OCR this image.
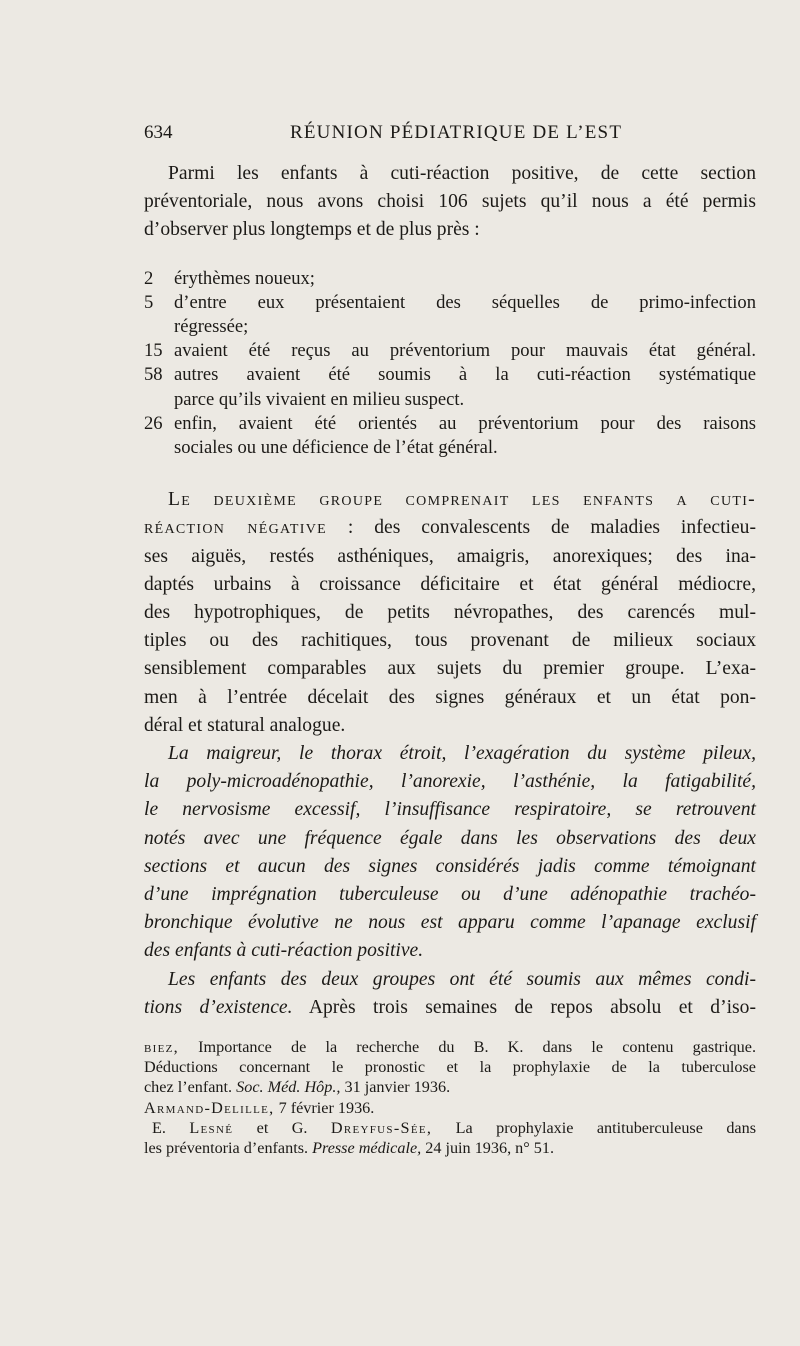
634	RÉUNION PÉDIATRIQUE DE L’EST

Parmi les enfants à cuti-réaction positive, de cette section

préventoriale, nous avons choisi 106 sujets qu’il nous a été permis

d’observer plus longtemps et de plus près :

2 érythèmes noueux;

5 d’entre eux présentaient des séquelles de primo-infection

régressée;

15 avaient été reçus au préventorium pour mauvais état général.

58 autres avaient été soumis à la cuti-réaction systématique

parce qu’ils vivaient en milieu suspect.

26 enfin, avaient été orientés au préventorium pour des raisons

sociales ou une déficience de l’état général.

Le deuxième groupe comprenait les enfants a cuti-

réaction négative : des convalescents de maladies infectieu-

ses aiguës, restés asthéniques, amaigris, anorexiques; des ina-

daptés urbains à croissance déficitaire et état général médiocre,

des hypotrophiques, de petits névropathes, des carencés mul-

tiples ou des rachitiques, tous provenant de milieux sociaux

sensiblement comparables aux sujets du premier groupe. L’exa-

men à l’entrée décelait des signes généraux et un état pon-

déral et statural analogue.

La maigreur, le thorax étroit, l’exagération du système pileux,

la poly-microadénopathie, l’anorexie, l’asthénie, la fatigabilité,

le nervosisme excessif, l’insuffisance respiratoire, se retrouvent

notés avec une fréquence égale dans les observations des deux

sections et aucun des signes considérés jadis comme témoignant

d’une imprégnation tuberculeuse ou d’une adénopathie trachéo-

bronchique évolutive ne nous est apparu comme l’apanage exclusif

des enfants à cuti-réaction positive.

Les enfants des deux groupes ont été soumis aux mêmes condi-

tions d’existence. Après trois semaines de repos absolu et d’iso-

biez, Importance de la recherche du B. K. dans le contenu gastrique.

Déductions concernant le pronostic et la prophylaxie de la tuberculose

chez l’enfant. Soc. Méd. Hôp., 31 janvier 1936.

Armand-Delille, 7 février 1936.

E. Lesné et G. Dreyfus-Sée, La prophylaxie antituberculeuse dans

les préventoria d’enfants. Presse médicale, 24 juin 1936, n° 51.
